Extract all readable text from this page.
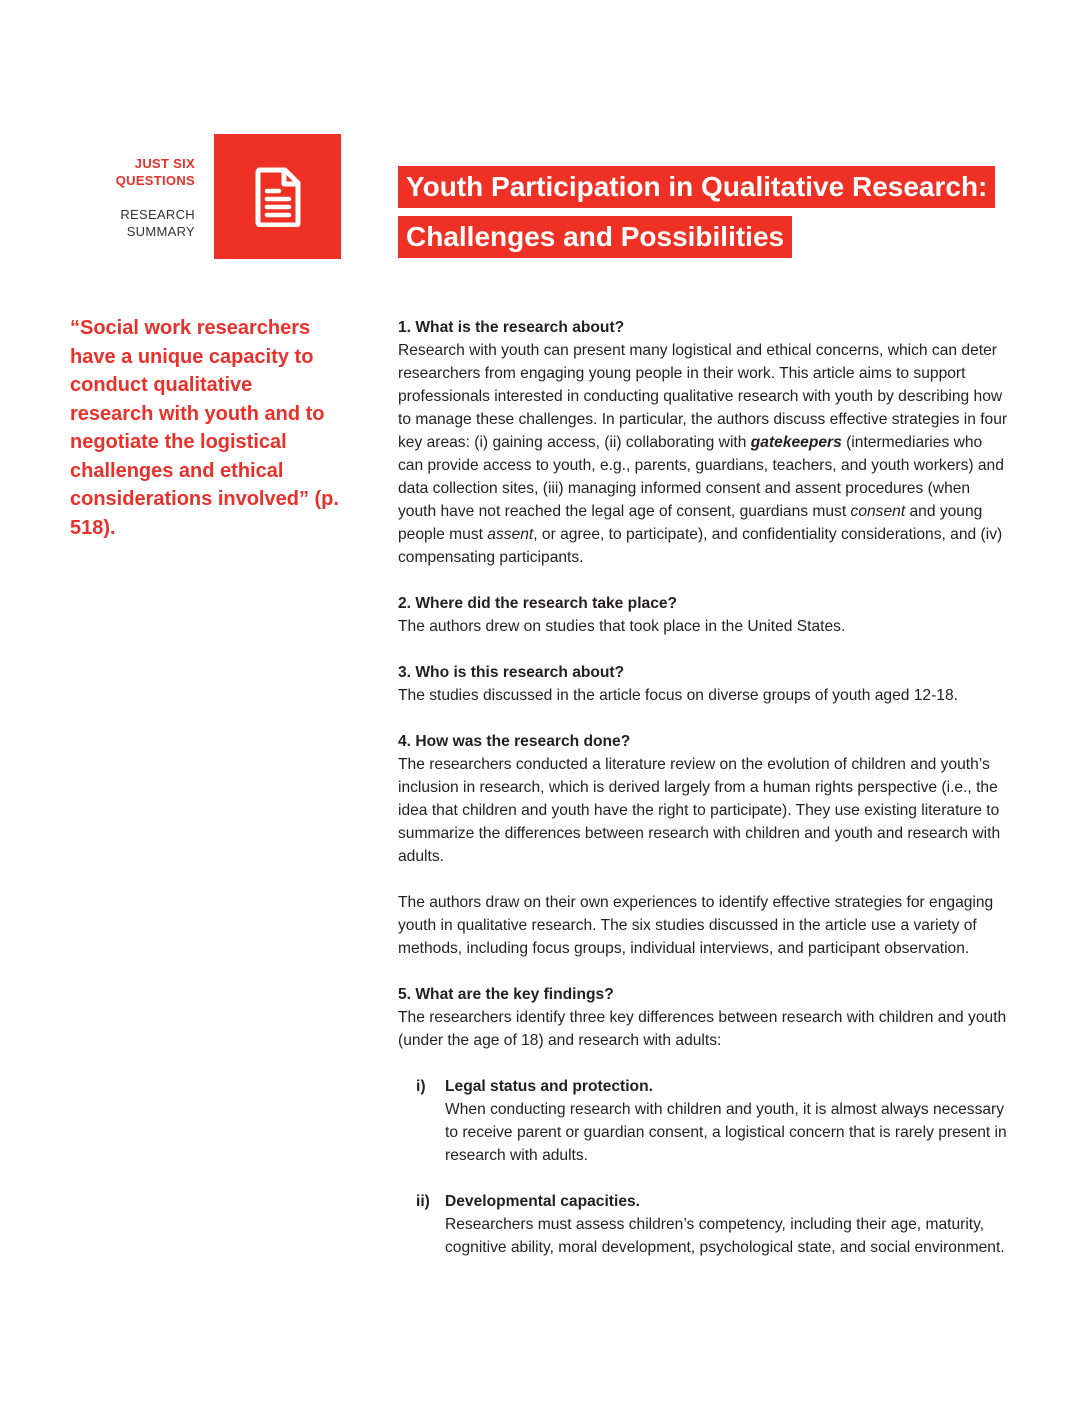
JUST SIX
QUESTIONS
RESEARCH
SUMMARY
Youth Participation in Qualitative Research:
Challenges and Possibilities
“Social work researchers have a unique capacity to conduct qualitative research with youth and to negotiate the logistical challenges and ethical considerations involved” (p. 518).
1. What is the research about?

Research with youth can present many logistical and ethical concerns, which can deter researchers from engaging young people in their work. This article aims to support professionals interested in conducting qualitative research with youth by describing how to manage these challenges. In particular, the authors discuss effective strategies in four key areas: (i) gaining access, (ii) collaborating with gatekeepers (intermediaries who can provide access to youth, e.g., parents, guardians, teachers, and youth workers) and data collection sites, (iii) managing informed consent and assent procedures (when youth have not reached the legal age of consent, guardians must consent and young people must assent, or agree, to participate), and confidentiality considerations, and (iv) compensating participants.

2. Where did the research take place?

The authors drew on studies that took place in the United States.

3. Who is this research about?

The studies discussed in the article focus on diverse groups of youth aged 12-18.

4. How was the research done?

The researchers conducted a literature review on the evolution of children and youth’s inclusion in research, which is derived largely from a human rights perspective (i.e., the idea that children and youth have the right to participate). They use existing literature to summarize the differences between research with children and youth and research with adults.

The authors draw on their own experiences to identify effective strategies for engaging youth in qualitative research. The six studies discussed in the article use a variety of methods, including focus groups, individual interviews, and participant observation.

5. What are the key findings?

The researchers identify three key differences between research with children and youth (under the age of 18) and research with adults:

i)	Legal status and protection.
When conducting research with children and youth, it is almost always necessary to receive parent or guardian consent, a logistical concern that is rarely present in research with adults.
ii) Developmental capacities.
Researchers must assess children’s competency, including their age, maturity, cognitive ability, moral development, psychological state, and social environment.
